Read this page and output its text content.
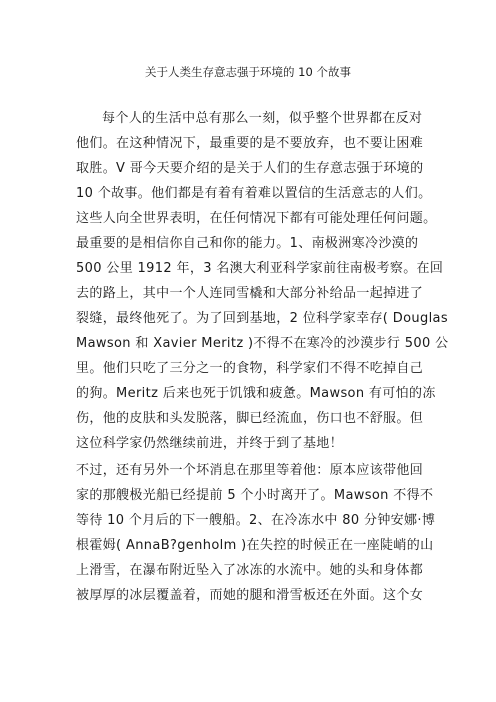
关于人类生存意志强于环境的 10 个故事
每个人的生活中总有那么一刻，似乎整个世界都在反对
他们。在这种情况下，最重要的是不要放弃，也不要让困难
取胜。V 哥今天要介绍的是关于人们的生存意志强于环境的
10 个故事。他们都是有着有着难以置信的生活意志的人们。
这些人向全世界表明，在任何情况下都有可能处理任何问题。
最重要的是相信你自己和你的能力。1、南极洲寒冷沙漠的
500 公里 1912 年，3 名澳大利亚科学家前往南极考察。在回
去的路上，其中一个人连同雪橇和大部分补给品一起掉进了
裂缝，最终他死了。为了回到基地，2 位科学家幸存( Douglas
Mawson 和 Xavier Meritz )不得不在寒冷的沙漠步行 500 公
里。他们只吃了三分之一的食物，科学家们不得不吃掉自己
的狗。Meritz 后来也死于饥饿和疲惫。Mawson 有可怕的冻
伤，他的皮肤和头发脱落，脚已经流血，伤口也不舒服。但
这位科学家仍然继续前进，并终于到了基地！
不过，还有另外一个坏消息在那里等着他：原本应该带他回
家的那艘极光船已经提前 5 个小时离开了。Mawson 不得不
等待 10 个月后的下一艘船。2、在冷冻水中 80 分钟安娜·博
根霍姆( AnnaB?genholm )在失控的时候正在一座陡峭的山
上滑雪，在瀑布附近坠入了冰冻的水流中。她的头和身体都
被厚厚的冰层覆盖着，而她的腿和滑雪板还在外面。这个女
